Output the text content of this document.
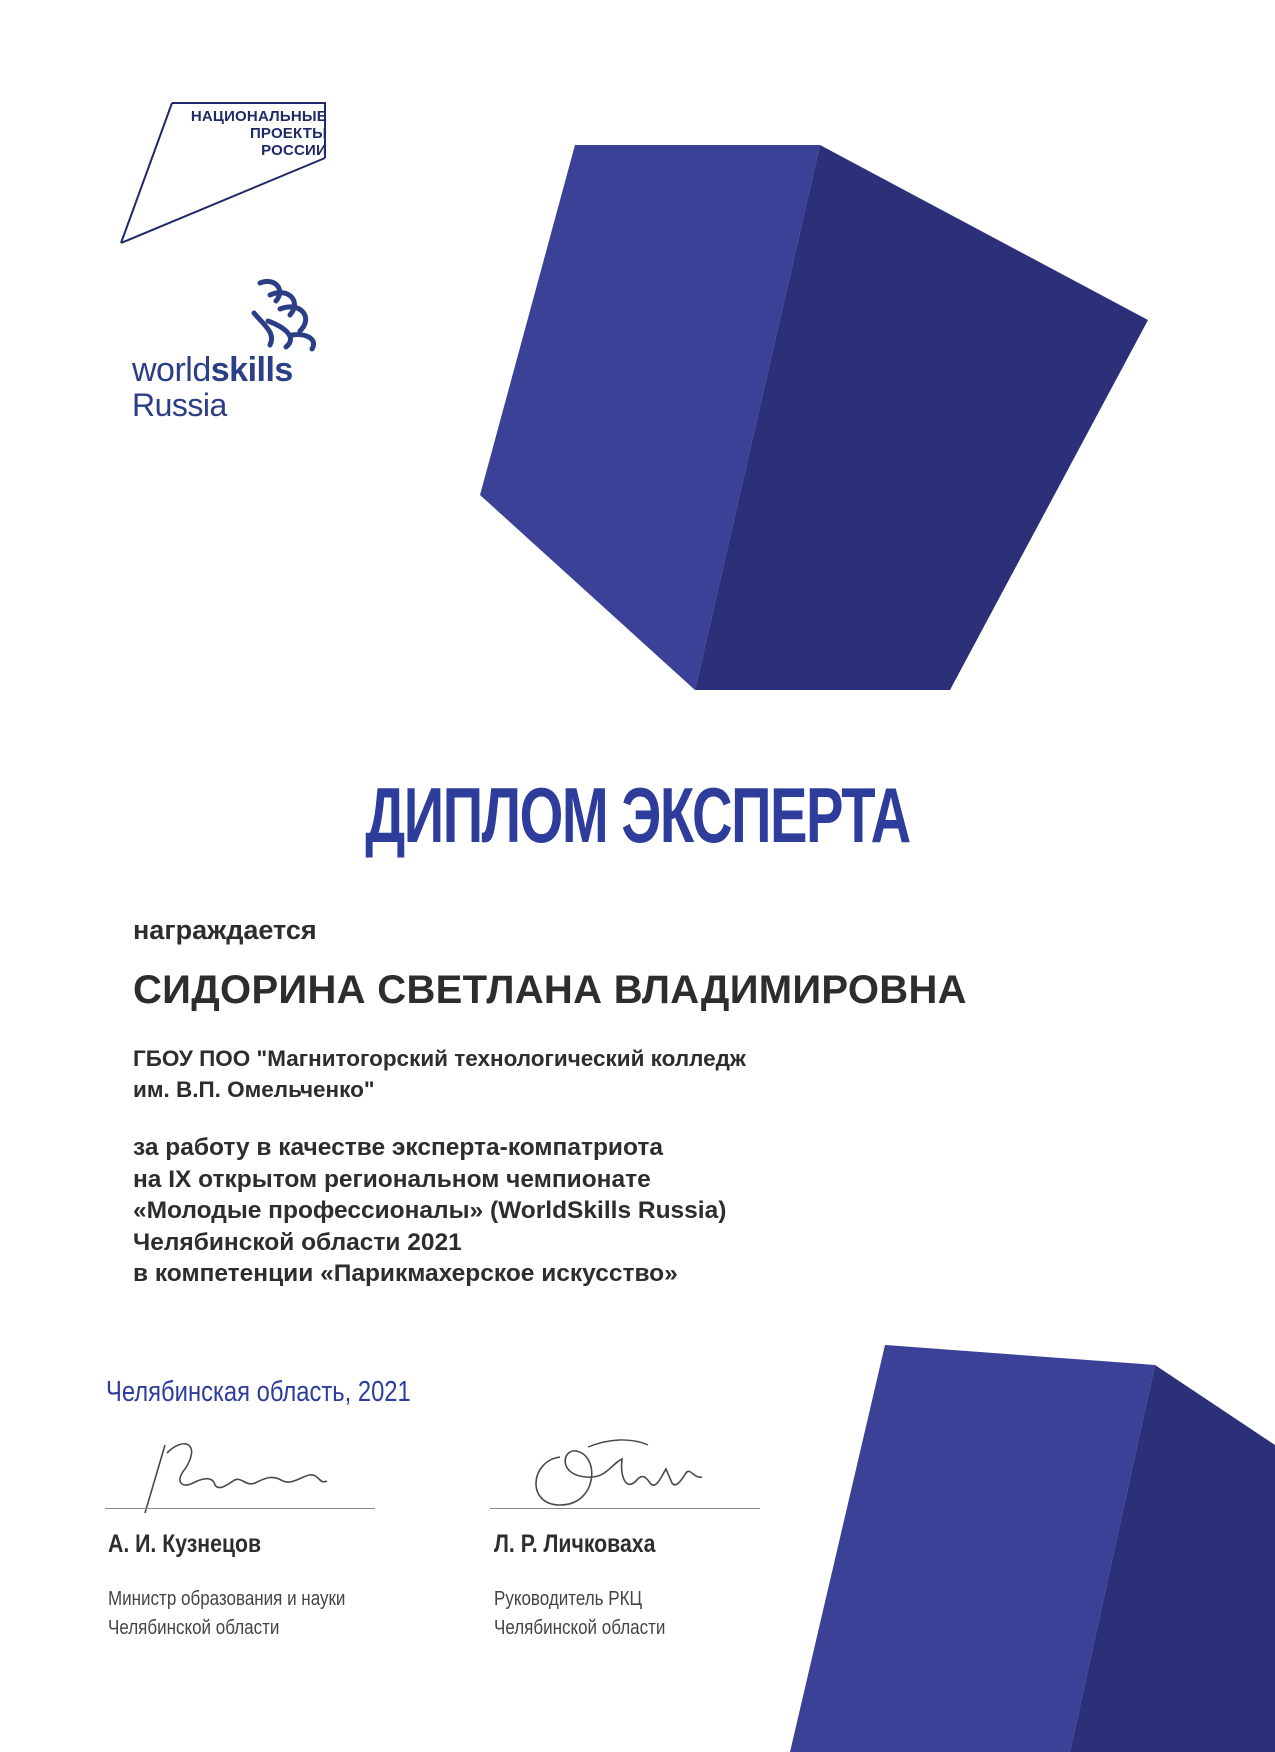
НАЦИОНАЛЬНЫЕ
ПРОЕКТЫ
РОССИИ
worldskills
Russia
ДИПЛОМ ЭКСПЕРТА
награждается
СИДОРИНА СВЕТЛАНА ВЛАДИМИРОВНА
ГБОУ ПОО "Магнитогорский технологический колледж
им. В.П. Омельченко"
за работу в качестве эксперта-компатриота
на IX открытом региональном чемпионате
«Молодые профессионалы» (WorldSkills Russia)
Челябинской области 2021
в компетенции «Парикмахерское искусство»
Челябинская область, 2021
А. И. Кузнецов	Л. Р. Личковаха
Министр образования и науки
Челябинской области
Руководитель РКЦ
Челябинской области
